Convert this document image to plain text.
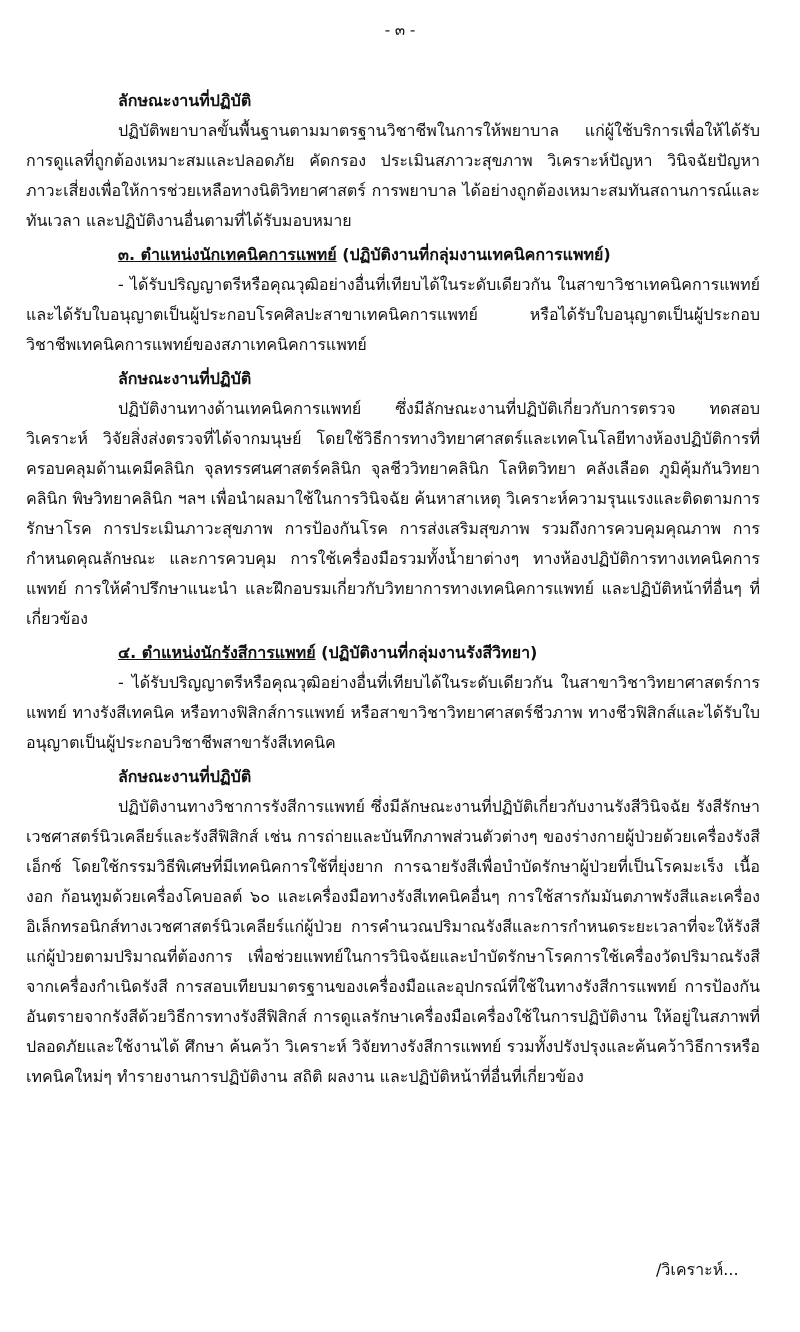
- ๓ -

ลักษณะงานที่ปฏิบัติ

ปฏิบัติพยาบาลขั้นพื้นฐานตามมาตรฐานวิชาชีพในการให้พยาบาล แก่ผู้ใช้บริการเพื่อให้ได้รับการดูแลที่ถูกต้องเหมาะสมและปลอดภัย คัดกรอง ประเมินสภาวะสุขภาพ วิเคราะห์ปัญหา วินิจฉัยปัญหา ภาวะเสี่ยงเพื่อให้การช่วยเหลือทางนิติวิทยาศาสตร์ การพยาบาล ได้อย่างถูกต้องเหมาะสมทันสถานการณ์และทันเวลา และปฏิบัติงานอื่นตามที่ได้รับมอบหมาย

๓. ตำแหน่งนักเทคนิคการแพทย์ (ปฏิบัติงานที่กลุ่มงานเทคนิคการแพทย์)

- ได้รับปริญญาตรีหรือคุณวุฒิอย่างอื่นที่เทียบได้ในระดับเดียวกัน ในสาขาวิชาเทคนิคการแพทย์ และได้รับใบอนุญาตเป็นผู้ประกอบโรคศิลปะสาขาเทคนิคการแพทย์ หรือได้รับใบอนุญาตเป็นผู้ประกอบวิชาชีพเทคนิคการแพทย์ของสภาเทคนิคการแพทย์

ลักษณะงานที่ปฏิบัติ

ปฏิบัติงานทางด้านเทคนิคการแพทย์ ซึ่งมีลักษณะงานที่ปฏิบัติเกี่ยวกับการตรวจ ทดสอบ วิเคราะห์ วิจัยสิ่งส่งตรวจที่ได้จากมนุษย์ โดยใช้วิธีการทางวิทยาศาสตร์และเทคโนโลยีทางห้องปฏิบัติการที่ครอบคลุมด้านเคมีคลินิก จุลทรรศนศาสตร์คลินิก จุลชีววิทยาคลินิก โลหิตวิทยา คลังเลือด ภูมิคุ้มกันวิทยาคลินิก พิษวิทยาคลินิก ฯลฯ เพื่อนำผลมาใช้ในการวินิจฉัย ค้นหาสาเหตุ วิเคราะห์ความรุนแรงและติดตามการรักษาโรค การประเมินภาวะสุขภาพ การป้องกันโรค การส่งเสริมสุขภาพ รวมถึงการควบคุมคุณภาพ การกำหนดคุณลักษณะ และการควบคุม การใช้เครื่องมือรวมทั้งน้ำยาต่างๆ ทางห้องปฏิบัติการทางเทคนิคการแพทย์ การให้คำปรึกษาแนะนำ และฝึกอบรมเกี่ยวกับวิทยาการทางเทคนิคการแพทย์ และปฏิบัติหน้าที่อื่นๆ ที่เกี่ยวข้อง

๔. ตำแหน่งนักรังสีการแพทย์ (ปฏิบัติงานที่กลุ่มงานรังสีวิทยา)

- ได้รับปริญญาตรีหรือคุณวุฒิอย่างอื่นที่เทียบได้ในระดับเดียวกัน ในสาขาวิชาวิทยาศาสตร์การแพทย์ ทางรังสีเทคนิค หรือทางฟิสิกส์การแพทย์ หรือสาขาวิชาวิทยาศาสตร์ชีวภาพ ทางชีวฟิสิกส์และได้รับใบอนุญาตเป็นผู้ประกอบวิชาชีพสาขารังสีเทคนิค

ลักษณะงานที่ปฏิบัติ

ปฏิบัติงานทางวิชาการรังสีการแพทย์ ซึ่งมีลักษณะงานที่ปฏิบัติเกี่ยวกับงานรังสีวินิจฉัย รังสีรักษาเวชศาสตร์นิวเคลียร์และรังสีฟิสิกส์ เช่น การถ่ายและบันทึกภาพส่วนตัวต่างๆ ของร่างกายผู้ป่วยด้วยเครื่องรังสีเอ็กซ์ โดยใช้กรรมวิธีพิเศษที่มีเทคนิคการใช้ที่ยุ่งยาก การฉายรังสีเพื่อบำบัดรักษาผู้ป่วยที่เป็นโรคมะเร็ง เนื้องอก ก้อนทูมด้วยเครื่องโคบอลต์ ๖๐ และเครื่องมือทางรังสีเทคนิคอื่นๆ การใช้สารกัมมันตภาพรังสีและเครื่องอิเล็กทรอนิกส์ทางเวชศาสตร์นิวเคลียร์แก่ผู้ป่วย การคำนวณปริมาณรังสีและการกำหนดระยะเวลาที่จะให้รังสีแก่ผู้ป่วยตามปริมาณที่ต้องการ เพื่อช่วยแพทย์ในการวินิจฉัยและบำบัดรักษาโรคการใช้เครื่องวัดปริมาณรังสีจากเครื่องกำเนิดรังสี การสอบเทียบมาตรฐานของเครื่องมือและอุปกรณ์ที่ใช้ในทางรังสีการแพทย์ การป้องกันอันตรายจากรังสีด้วยวิธีการทางรังสีฟิสิกส์ การดูแลรักษาเครื่องมือเครื่องใช้ในการปฏิบัติงาน ให้อยู่ในสภาพที่ปลอดภัยและใช้งานได้ ศึกษา ค้นคว้า วิเคราะห์ วิจัยทางรังสีการแพทย์ รวมทั้งปรังปรุงและค้นคว้าวิธีการหรือเทคนิคใหม่ๆ ทำรายงานการปฏิบัติงาน สถิติ ผลงาน และปฏิบัติหน้าที่อื่นที่เกี่ยวข้อง

/วิเคราะห์...
